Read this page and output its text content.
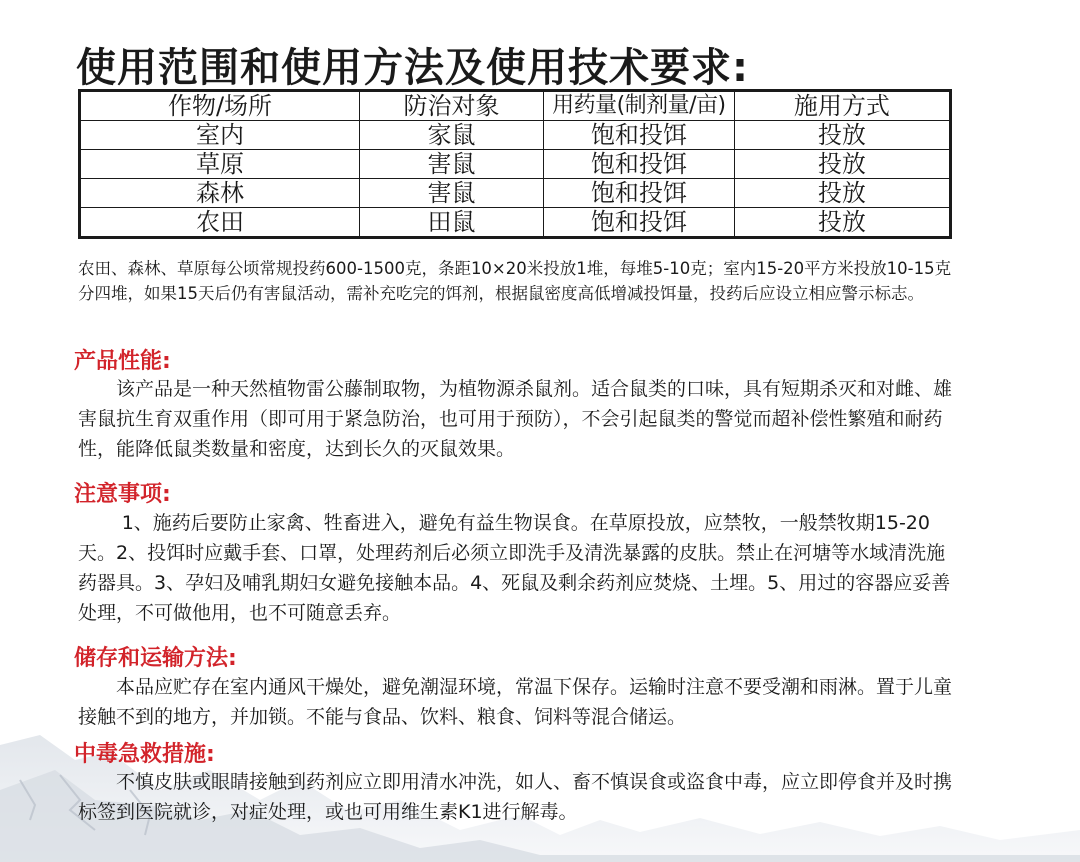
使用范围和使用方法及使用技术要求:
作物/场所	防治对象	用药量(制剂量/亩)	施用方式
室内	家鼠	饱和投饵	投放
草原	害鼠	饱和投饵	投放
森林	害鼠	饱和投饵	投放
农田	田鼠	饱和投饵	投放
农田、森林、草原每公顷常规投药600-1500克，条距10×20米投放1堆，每堆5-10克；室内15-20平方米投放10-15克分四堆，如果15天后仍有害鼠活动，需补充吃完的饵剂，根据鼠密度高低增减投饵量，投药后应设立相应警示标志。
产品性能:
该产品是一种天然植物雷公藤制取物，为植物源杀鼠剂。适合鼠类的口味，具有短期杀灭和对雌、雄害鼠抗生育双重作用（即可用于紧急防治，也可用于预防），不会引起鼠类的警觉而超补偿性繁殖和耐药性，能降低鼠类数量和密度，达到长久的灭鼠效果。
注意事项:
1、施药后要防止家禽、牲畜进入，避免有益生物误食。在草原投放，应禁牧，一般禁牧期15-20天。2、投饵时应戴手套、口罩，处理药剂后必须立即洗手及清洗暴露的皮肤。禁止在河塘等水域清洗施药器具。3、孕妇及哺乳期妇女避免接触本品。4、死鼠及剩余药剂应焚烧、土埋。5、用过的容器应妥善处理，不可做他用，也不可随意丢弃。
储存和运输方法:
本品应贮存在室内通风干燥处，避免潮湿环境，常温下保存。运输时注意不要受潮和雨淋。置于儿童接触不到的地方，并加锁。不能与食品、饮料、粮食、饲料等混合储运。
中毒急救措施:
不慎皮肤或眼睛接触到药剂应立即用清水冲洗，如人、畜不慎误食或盗食中毒，应立即停食并及时携标签到医院就诊，对症处理，或也可用维生素K1进行解毒。
